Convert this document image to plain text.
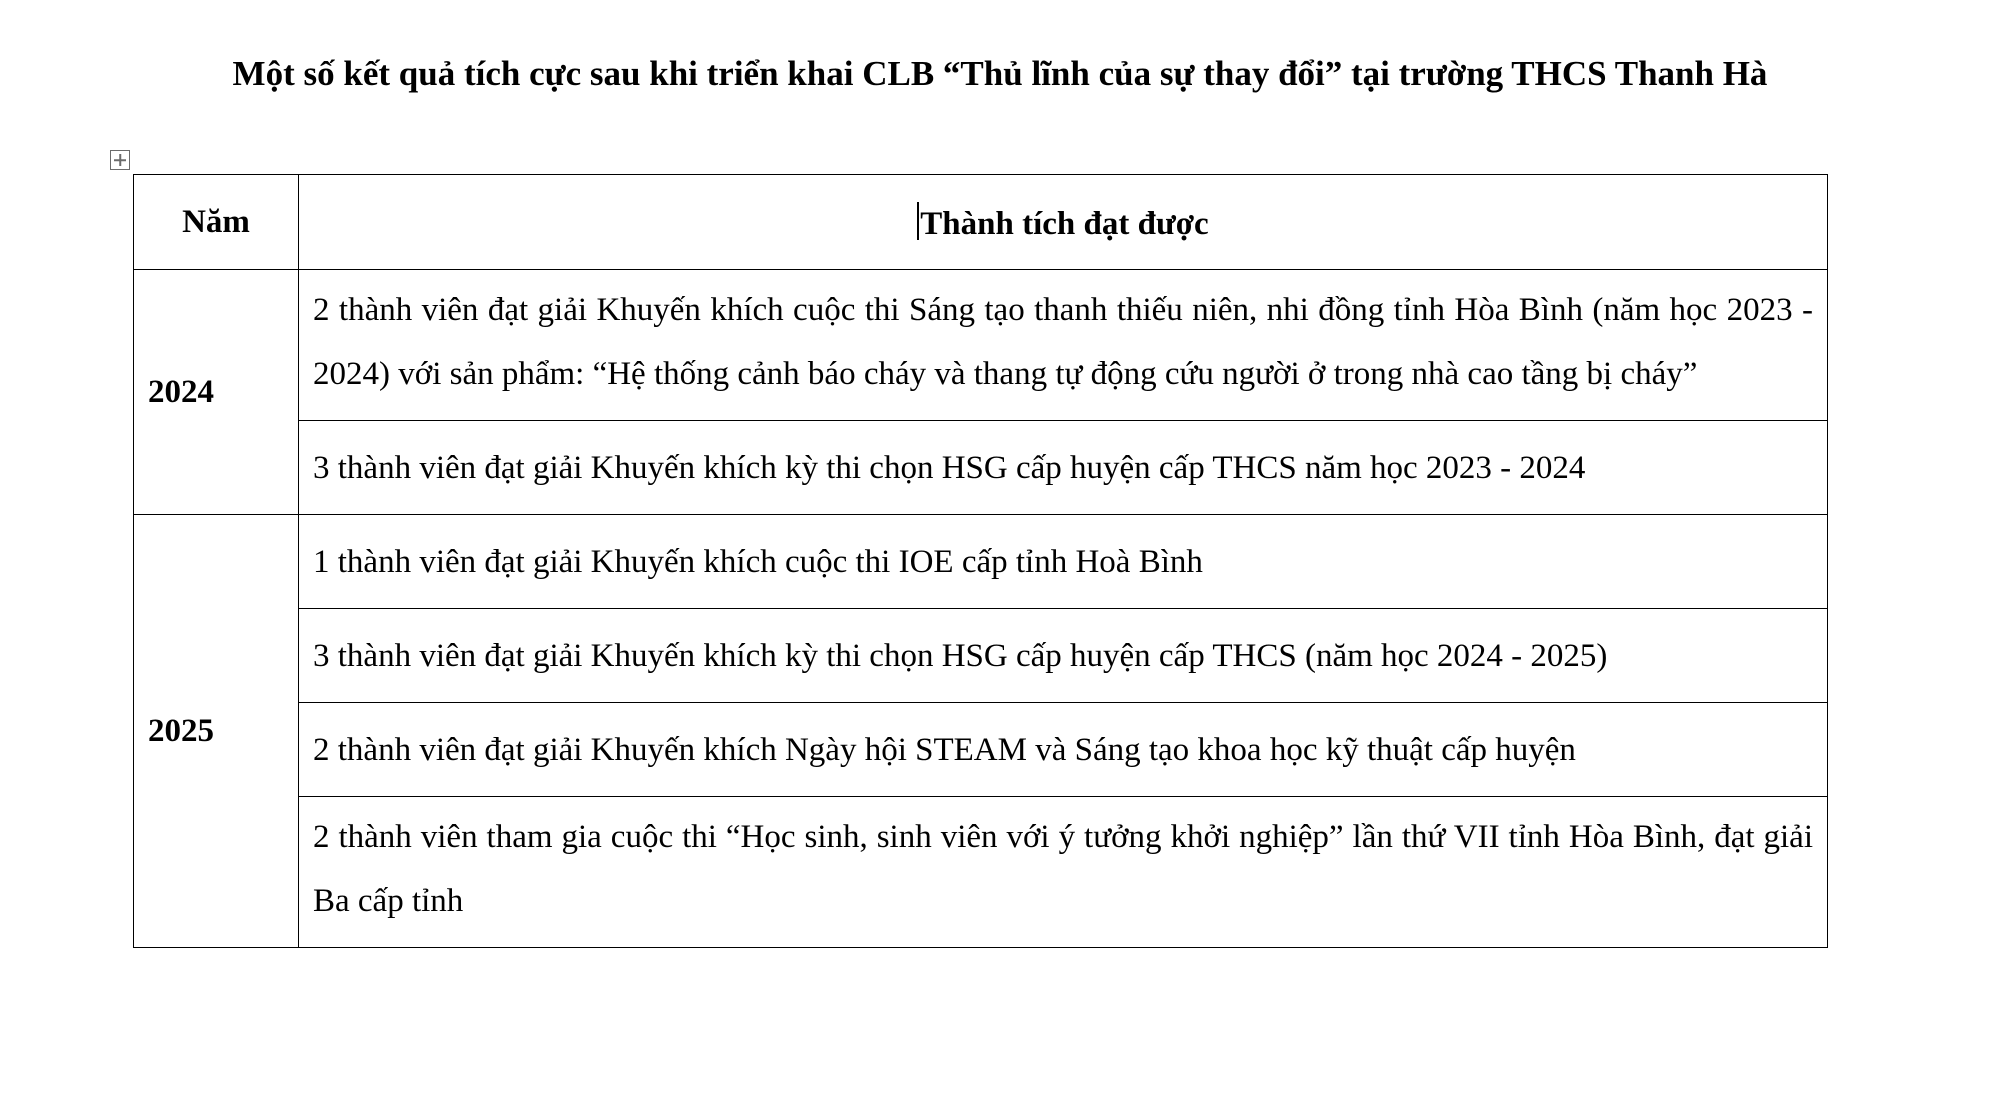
Một số kết quả tích cực sau khi triển khai CLB “Thủ lĩnh của sự thay đổi” tại trường THCS Thanh Hà
Năm	Thành tích đạt được
2024	2 thành viên đạt giải Khuyến khích cuộc thi Sáng tạo thanh thiếu niên, nhi đồng tỉnh Hòa Bình (năm học 2023 - 2024) với sản phẩm: “Hệ thống cảnh báo cháy và thang tự động cứu người ở trong nhà cao tầng bị cháy”
	3 thành viên đạt giải Khuyến khích kỳ thi chọn HSG cấp huyện cấp THCS năm học 2023 - 2024
2025	1 thành viên đạt giải Khuyến khích cuộc thi IOE cấp tỉnh Hoà Bình
	3 thành viên đạt giải Khuyến khích kỳ thi chọn HSG cấp huyện cấp THCS (năm học 2024 - 2025)
	2 thành viên đạt giải Khuyến khích Ngày hội STEAM và Sáng tạo khoa học kỹ thuật cấp huyện
	2 thành viên tham gia cuộc thi “Học sinh, sinh viên với ý tưởng khởi nghiệp” lần thứ VII tỉnh Hòa Bình, đạt giải Ba cấp tỉnh
